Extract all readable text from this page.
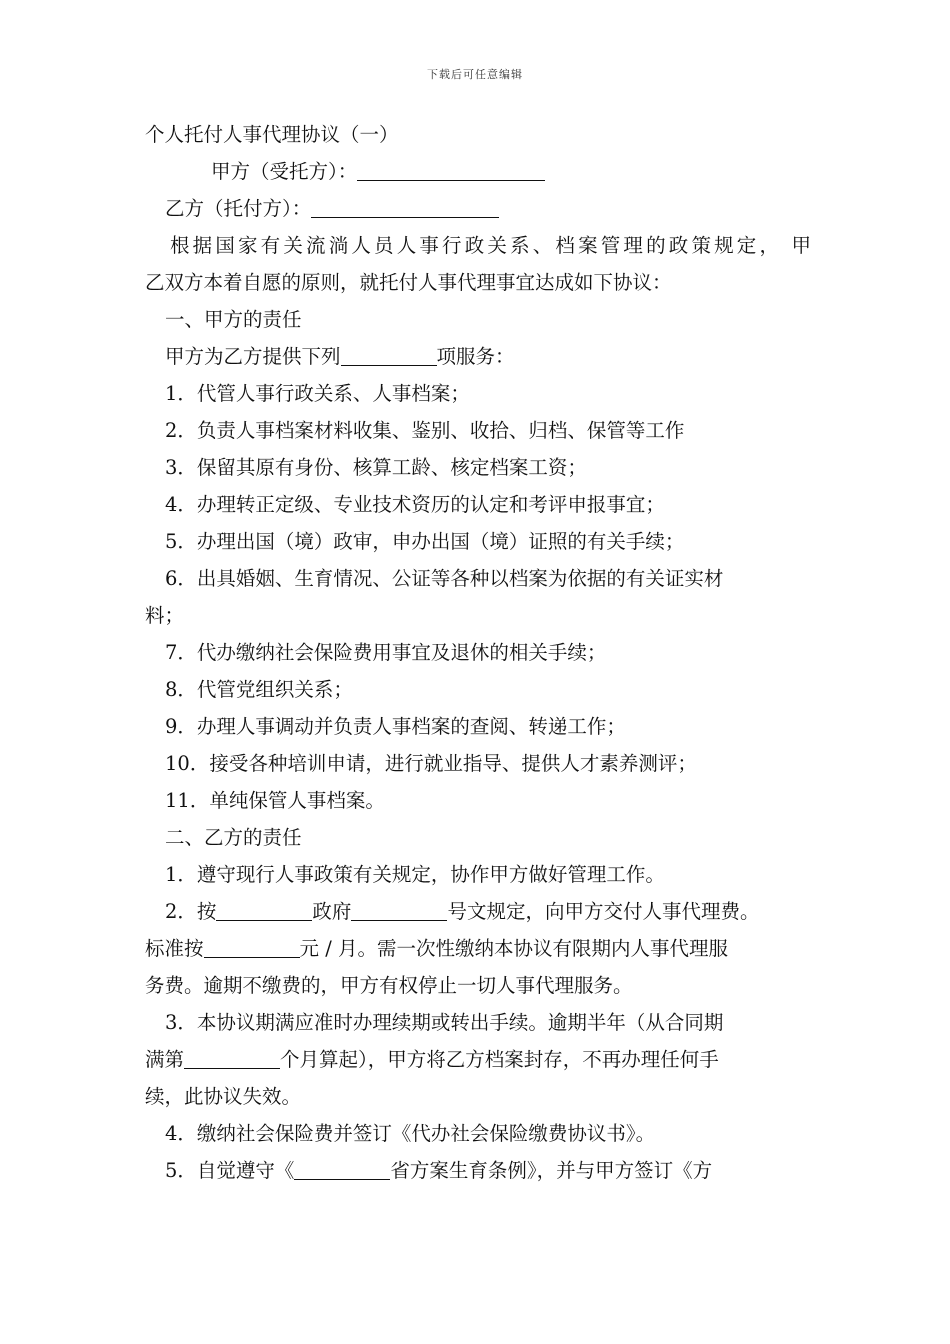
下载后可任意编辑
个人托付人事代理协议（一）
甲方（受托方）：
乙方（托付方）：
根据国家有关流淌人员人事行政关系、档案管理的政策规定， 甲
乙双方本着自愿的原则，就托付人事代理事宜达成如下协议：
一、甲方的责任
甲方为乙方提供下列	项服务：
1．代管人事行政关系、人事档案；
2．负责人事档案材料收集、鉴别、收拾、归档、保管等工作
3．保留其原有身份、核算工龄、核定档案工资；
4．办理转正定级、专业技术资历的认定和考评申报事宜；
5．办理出国（境）政审，申办出国（境）证照的有关手续；
6．出具婚姻、生育情况、公证等各种以档案为依据的有关证实材
料；
7．代办缴纳社会保险费用事宜及退休的相关手续；
8．代管党组织关系；
9．办理人事调动并负责人事档案的查阅、转递工作；
10．接受各种培训申请，进行就业指导、提供人才素养测评；
11．单纯保管人事档案。
二、乙方的责任
1．遵守现行人事政策有关规定，协作甲方做好管理工作。
2．按	政府	号文规定，向甲方交付人事代理费。
标准按	元 / 月。需一次性缴纳本协议有限期内人事代理服
务费。逾期不缴费的，甲方有权停止一切人事代理服务。
3．本协议期满应准时办理续期或转出手续。逾期半年（从合同期
满第	个月算起），甲方将乙方档案封存，不再办理任何手
续，此协议失效。
4．缴纳社会保险费并签订《代办社会保险缴费协议书》。
5．自觉遵守《	省方案生育条例》，并与甲方签订《方
